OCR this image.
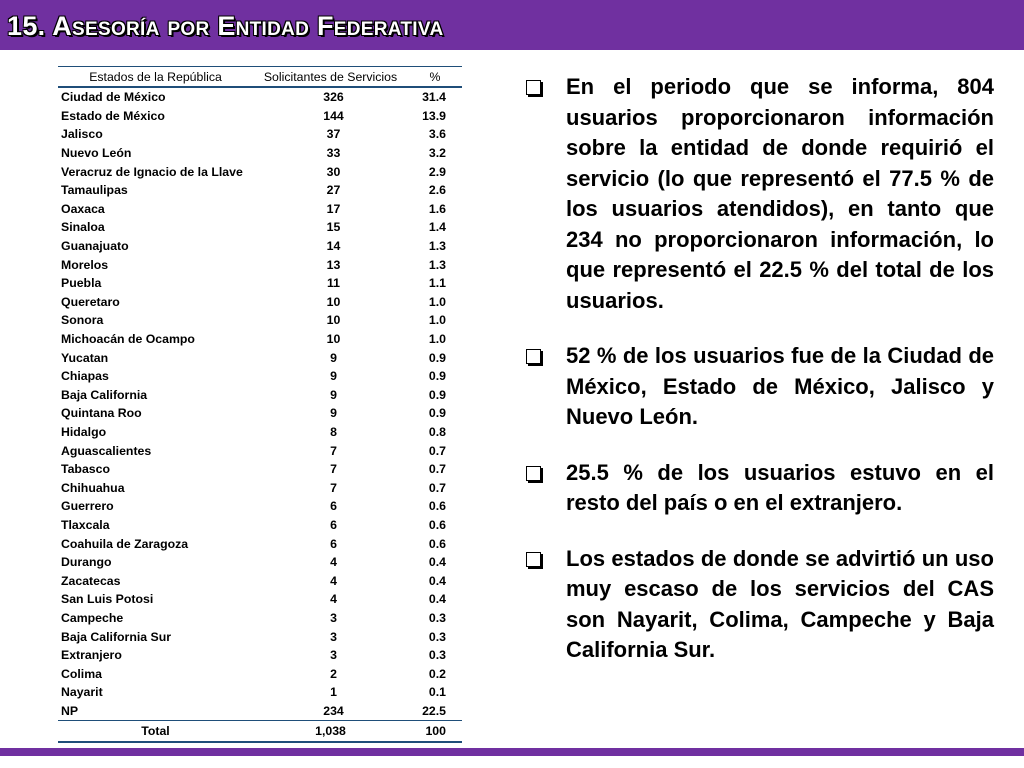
15. Asesoría por Entidad Federativa
Estados de la República	Solicitantes de Servicios	%
Ciudad de México	326	31.4
Estado de México	144	13.9
Jalisco	37	3.6
Nuevo León	33	3.2
Veracruz de Ignacio de la Llave	30	2.9
Tamaulipas	27	2.6
Oaxaca	17	1.6
Sinaloa	15	1.4
Guanajuato	14	1.3
Morelos	13	1.3
Puebla	11	1.1
Queretaro	10	1.0
Sonora	10	1.0
Michoacán de Ocampo	10	1.0
Yucatan	9	0.9
Chiapas	9	0.9
Baja California	9	0.9
Quintana Roo	9	0.9
Hidalgo	8	0.8
Aguascalientes	7	0.7
Tabasco	7	0.7
Chihuahua	7	0.7
Guerrero	6	0.6
Tlaxcala	6	0.6
Coahuila de Zaragoza	6	0.6
Durango	4	0.4
Zacatecas	4	0.4
San Luis Potosi	4	0.4
Campeche	3	0.3
Baja California Sur	3	0.3
Extranjero	3	0.3
Colima	2	0.2
Nayarit	1	0.1
NP	234	22.5
Total	1,038	100
En el periodo que se informa, 804 usuarios proporcionaron información sobre la entidad de donde requirió el servicio (lo que representó el 77.5 % de los usuarios atendidos), en tanto que 234 no proporcionaron información, lo que representó el 22.5 % del total de los usuarios.
52 % de los usuarios fue de la Ciudad de México, Estado de México, Jalisco y Nuevo León.
25.5 % de los usuarios estuvo en el resto del país o en el extranjero.
Los estados de donde se advirtió un uso muy escaso de los servicios del CAS son Nayarit, Colima, Campeche y Baja California Sur.
